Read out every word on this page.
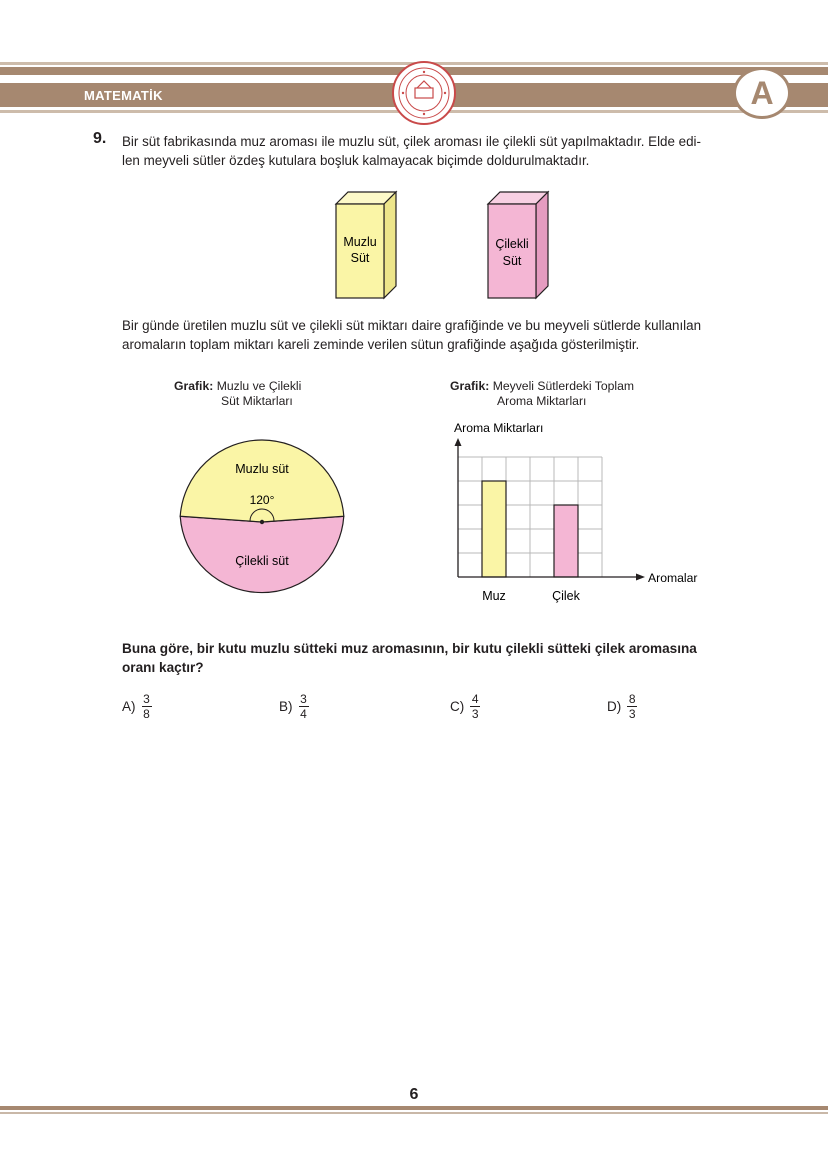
MATEMATİK	A
9. Bir süt fabrikasında muz aroması ile muzlu süt, çilek aroması ile çilekli süt yapılmaktadır. Elde edi-
len meyveli sütler özdeş kutulara boşluk kalmayacak biçimde doldurulmaktadır.
Muzlu
Süt
Çilekli
Süt
Bir günde üretilen muzlu süt ve çilekli süt miktarı daire grafiğinde ve bu meyveli sütlerde kullanılan
aromaların toplam miktarı kareli zeminde verilen sütun grafiğinde aşağıda gösterilmiştir.
Grafik: Muzlu ve Çilekli
Süt Miktarları
Muzlu süt
120°
Çilekli süt
Grafik: Meyveli Sütlerdeki Toplam
Aroma Miktarları
Muz	Çilek
Aroma Miktarları
Aromalar
Buna göre, bir kutu muzlu sütteki muz aromasının, bir kutu çilekli sütteki çilek aromasına
oranı kaçtır?
$A) \frac{3}{8}$	$B) \frac{3}{4}$	$C) \frac{4}{3}$	$D) \frac{8}{3}$
6
